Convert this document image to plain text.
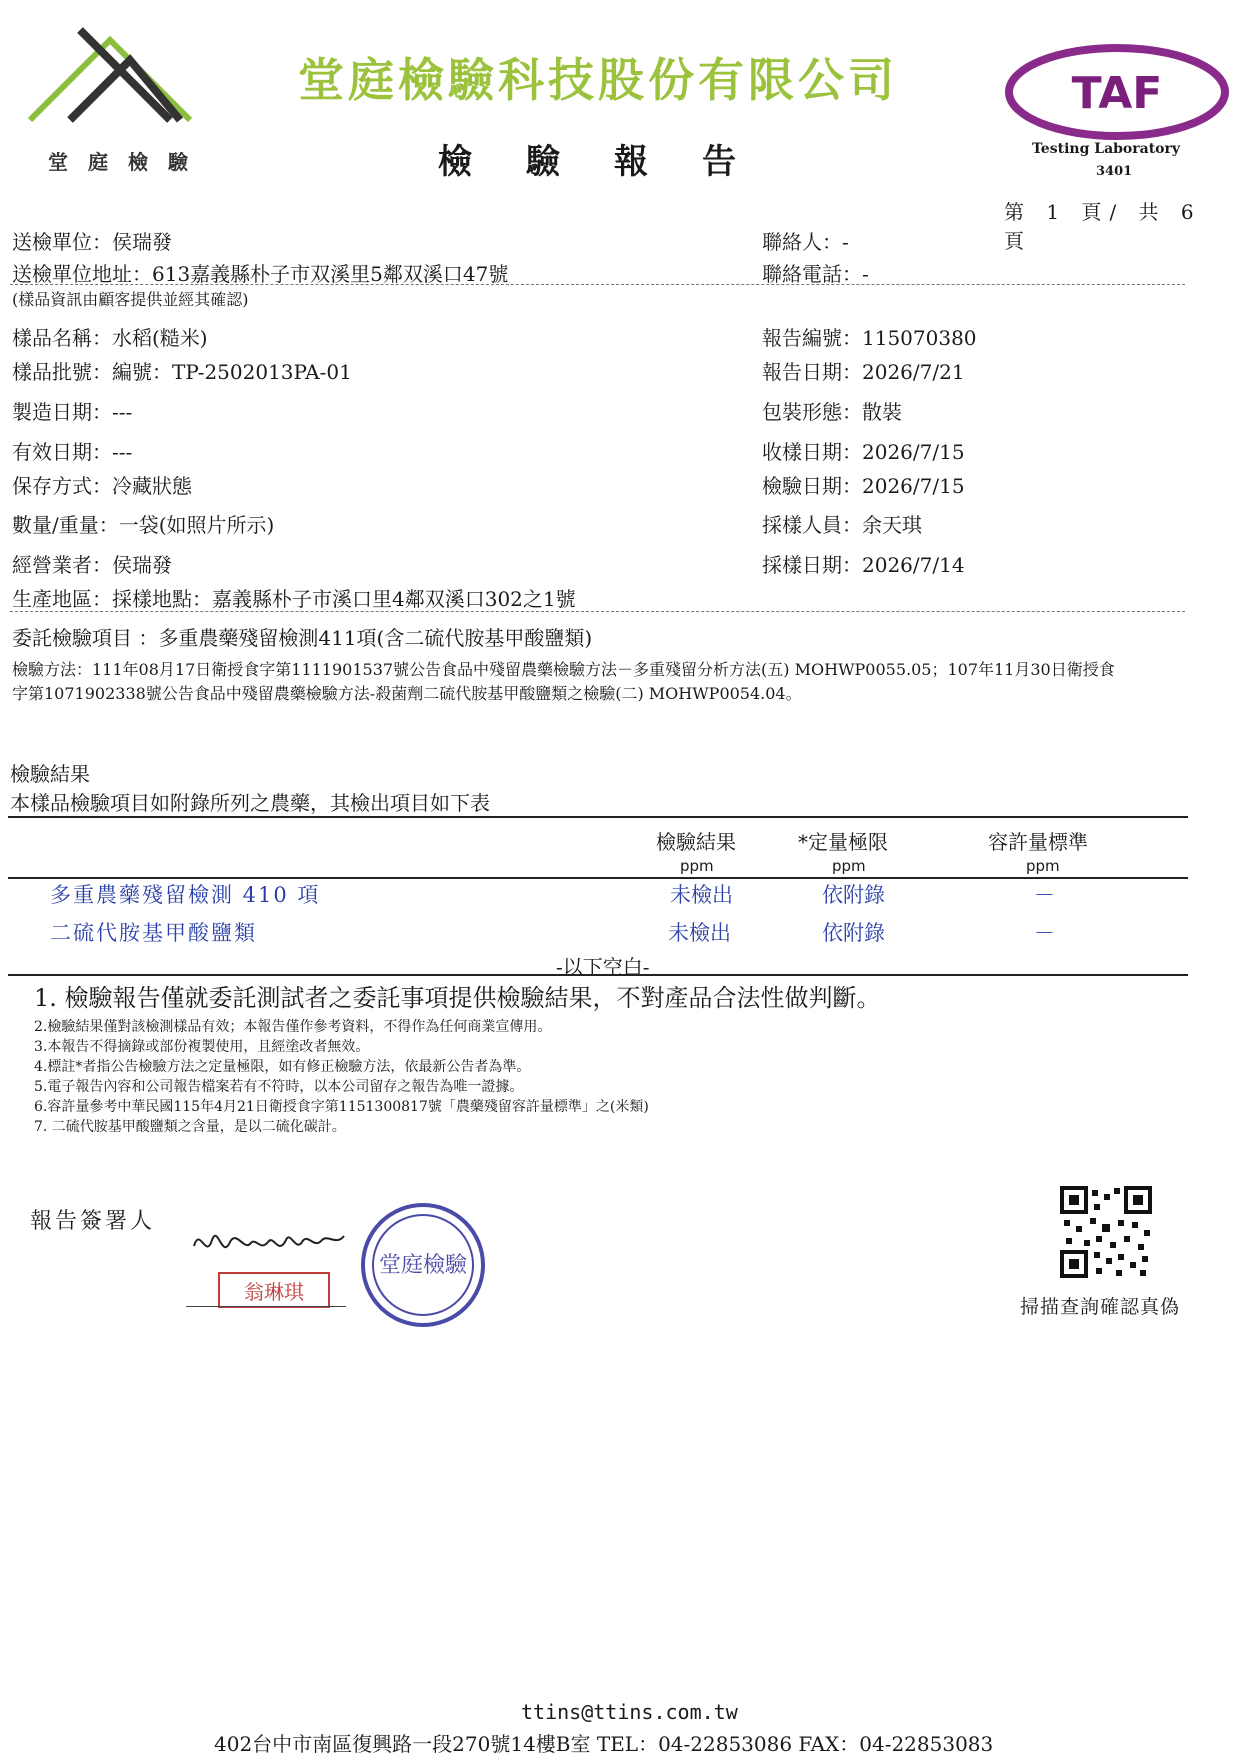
堂庭檢驗
堂庭檢驗科技股份有限公司
檢驗報告
TAF
Testing Laboratory
3401
第 1 頁/ 共 6 頁
送檢單位：侯瑞發	聯絡人：-
送檢單位地址：613嘉義縣朴子市双溪里5鄰双溪口47號	聯絡電話：-
(樣品資訊由顧客提供並經其確認)
樣品名稱：水稻(糙米)
樣品批號：編號：TP-2502013PA-01
製造日期：---
有效日期：---
保存方式：冷藏狀態
數量/重量：一袋(如照片所示)
經營業者：侯瑞發
生產地區：採樣地點：嘉義縣朴子市溪口里4鄰双溪口302之1號
報告編號：115070380
報告日期：2026/7/21
包裝形態：散裝
收樣日期：2026/7/15
檢驗日期：2026/7/15
採樣人員：余天琪
採樣日期：2026/7/14
委託檢驗項目 ：多重農藥殘留檢測411項(含二硫代胺基甲酸鹽類)
檢驗方法：111年08月17日衛授食字第1111901537號公告食品中殘留農藥檢驗方法－多重殘留分析方法(五) MOHWP0055.05；107年11月30日衛授食
字第1071902338號公告食品中殘留農藥檢驗方法-殺菌劑二硫代胺基甲酸鹽類之檢驗(二) MOHWP0054.04。
檢驗結果
本樣品檢驗項目如附錄所列之農藥，其檢出項目如下表
檢驗結果	*定量極限	容許量標準
ppm	ppm	ppm
多重農藥殘留檢測 410 項	未檢出	依附錄	－
二硫代胺基甲酸鹽類	未檢出	依附錄	－
-以下空白-
1. 檢驗報告僅就委託測試者之委託事項提供檢驗結果，不對產品合法性做判斷。
2.檢驗結果僅對該檢測樣品有效；本報告僅作參考資料，不得作為任何商業宣傳用。
3.本報告不得摘錄或部份複製使用，且經塗改者無效。
4.標註*者指公告檢驗方法之定量極限，如有修正檢驗方法，依最新公告者為準。
5.電子報告內容和公司報告檔案若有不符時，以本公司留存之報告為唯一證據。
6.容許量參考中華民國115年4月21日衛授食字第1151300817號「農藥殘留容許量標準」之(米類)
7. 二硫代胺基甲酸鹽類之含量，是以二硫化碳計。
報告簽署人
翁琳琪
堂庭檢驗
掃描查詢確認真偽
ttins@ttins.com.tw
402台中市南區復興路一段270號14樓B室 TEL：04-22853086 FAX：04-22853083
